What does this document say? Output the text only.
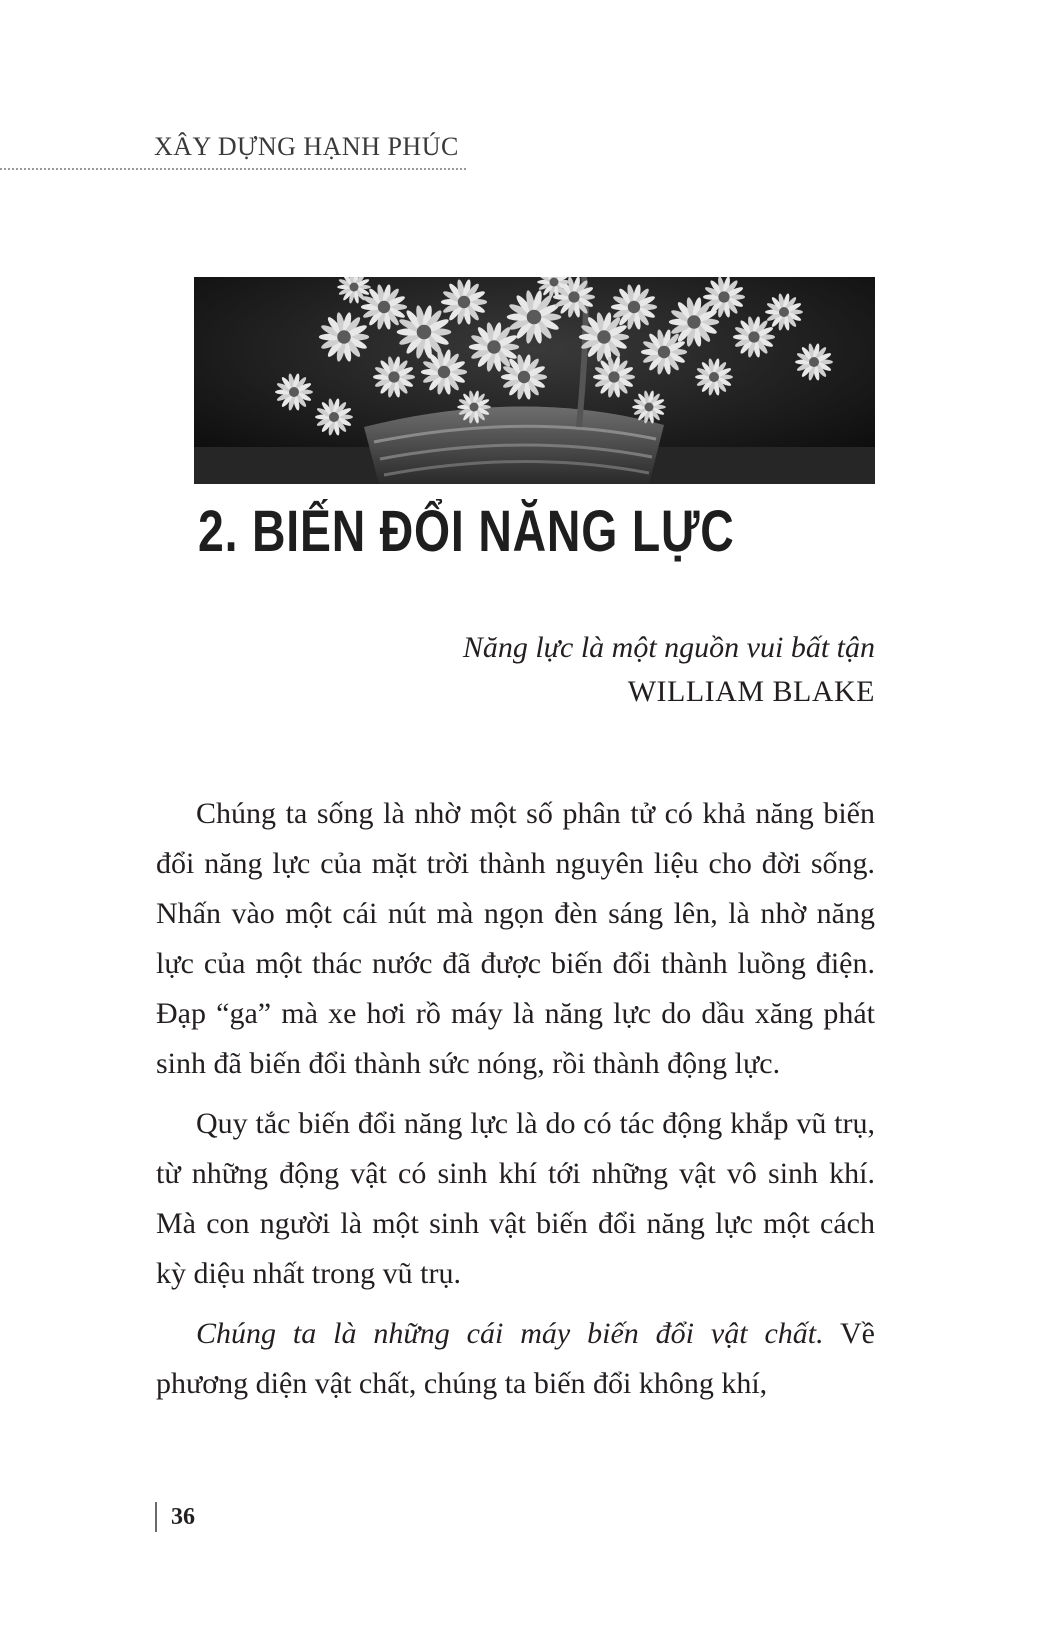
XÂY DỰNG HẠNH PHÚC
2. BIẾN ĐỔI NĂNG LỰC
Năng lực là một nguồn vui bất tận
WILLIAM BLAKE

Chúng ta sống là nhờ một số phân tử có khả năng biến đổi năng lực của mặt trời thành nguyên liệu cho đời sống. Nhấn vào một cái nút mà ngọn đèn sáng lên, là nhờ năng lực của một thác nước đã được biến đổi thành luồng điện. Đạp “ga” mà xe hơi rồ máy là năng lực do dầu xăng phát sinh đã biến đổi thành sức nóng, rồi thành động lực.

Quy tắc biến đổi năng lực là do có tác động khắp vũ trụ, từ những động vật có sinh khí tới những vật vô sinh khí. Mà con người là một sinh vật biến đổi năng lực một cách kỳ diệu nhất trong vũ trụ.

Chúng ta là những cái máy biến đổi vật chất. Về phương diện vật chất, chúng ta biến đổi không khí,

36
